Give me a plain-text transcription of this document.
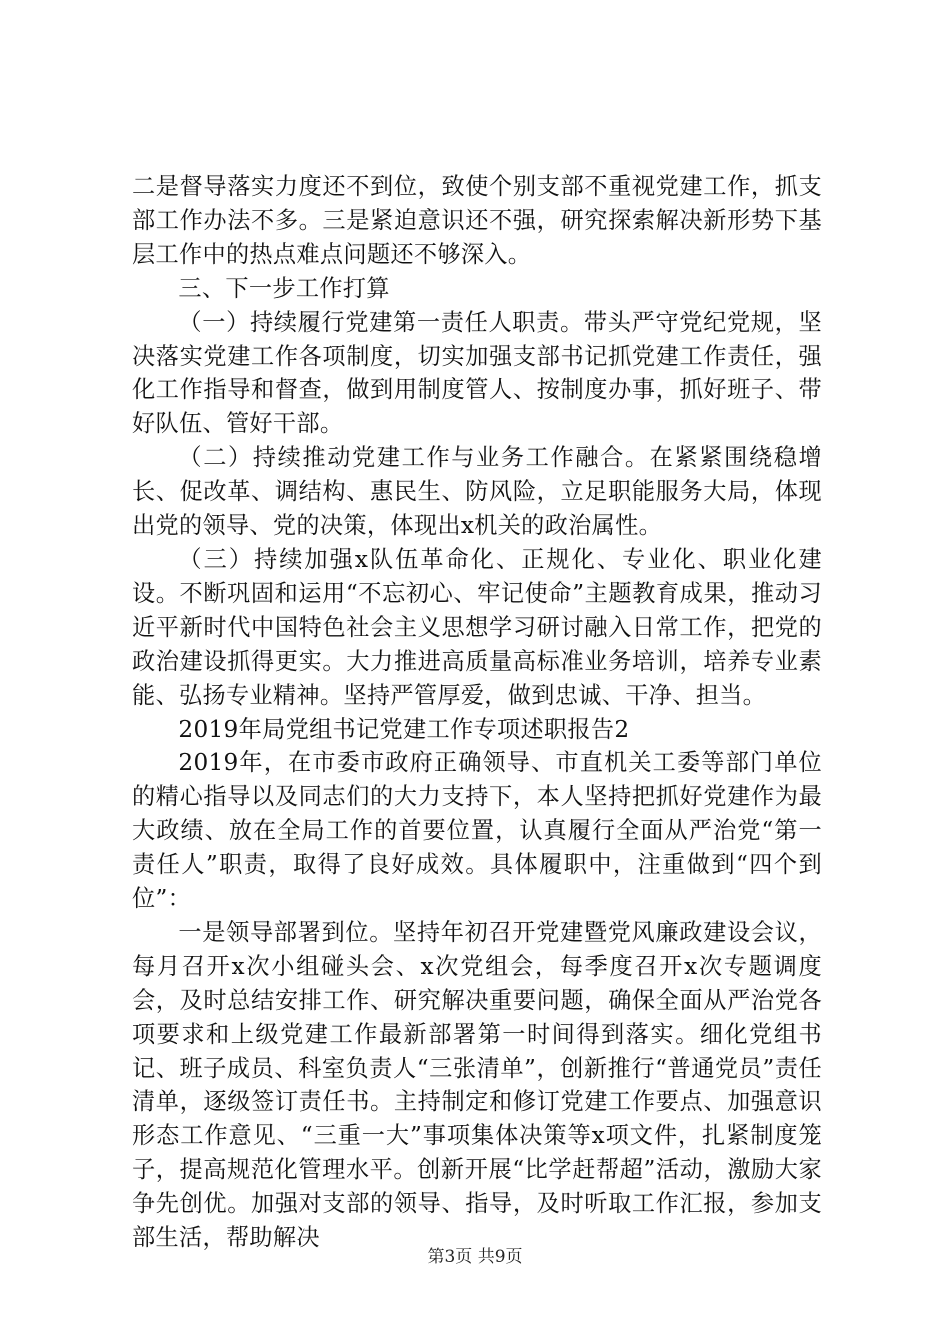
二是督导落实力度还不到位，致使个别支部不重视党建工作，抓支部工作办法不多。三是紧迫意识还不强，研究探索解决新形势下基层工作中的热点难点问题还不够深入。

三、下一步工作打算

（一）持续履行党建第一责任人职责。带头严守党纪党规，坚决落实党建工作各项制度，切实加强支部书记抓党建工作责任，强化工作指导和督查，做到用制度管人、按制度办事，抓好班子、带好队伍、管好干部。

（二）持续推动党建工作与业务工作融合。在紧紧围绕稳增长、促改革、调结构、惠民生、防风险，立足职能服务大局，体现出党的领导、党的决策，体现出x机关的政治属性。

（三）持续加强x队伍革命化、正规化、专业化、职业化建设。不断巩固和运用“不忘初心、牢记使命”主题教育成果，推动习近平新时代中国特色社会主义思想学习研讨融入日常工作，把党的政治建设抓得更实。大力推进高质量高标准业务培训，培养专业素能、弘扬专业精神。坚持严管厚爱，做到忠诚、干净、担当。

2019年局党组书记党建工作专项述职报告2

2019年，在市委市政府正确领导、市直机关工委等部门单位的精心指导以及同志们的大力支持下，本人坚持把抓好党建作为最大政绩、放在全局工作的首要位置，认真履行全面从严治党“第一责任人”职责，取得了良好成效。具体履职中，注重做到“四个到位”：

一是领导部署到位。坚持年初召开党建暨党风廉政建设会议，每月召开x次小组碰头会、x次党组会，每季度召开x次专题调度会，及时总结安排工作、研究解决重要问题，确保全面从严治党各项要求和上级党建工作最新部署第一时间得到落实。细化党组书记、班子成员、科室负责人“三张清单”，创新推行“普通党员”责任清单，逐级签订责任书。主持制定和修订党建工作要点、加强意识形态工作意见、“三重一大”事项集体决策等x项文件，扎紧制度笼子，提高规范化管理水平。创新开展“比学赶帮超”活动，激励大家争先创优。加强对支部的领导、指导，及时听取工作汇报，参加支部生活，帮助解决

第3页 共9页
